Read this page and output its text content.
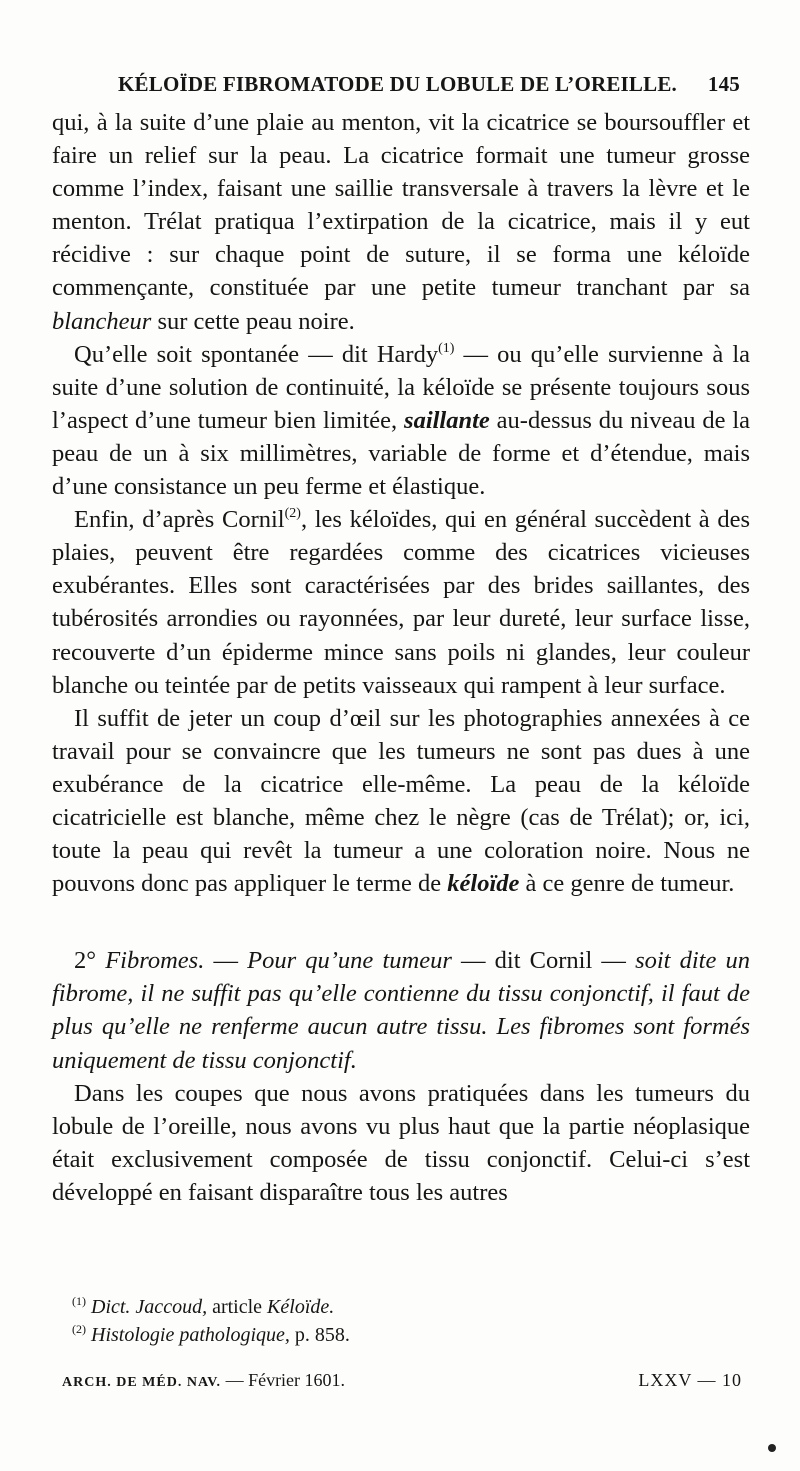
KÉLOÏDE FIBROMATODE DU LOBULE DE L’OREILLE. 145

qui, à la suite d’une plaie au menton, vit la cicatrice se boursouffler et faire un relief sur la peau. La cicatrice formait une tumeur grosse comme l’index, faisant une saillie transversale à travers la lèvre et le menton. Trélat pratiqua l’extirpation de la cicatrice, mais il y eut récidive : sur chaque point de suture, il se forma une kéloïde commençante, constituée par une petite tumeur tranchant par sa blancheur sur cette peau noire.

Qu’elle soit spontanée — dit Hardy$^{(1)}$ — ou qu’elle survienne à la suite d’une solution de continuité, la kéloïde se présente toujours sous l’aspect d’une tumeur bien limitée, saillante au-dessus du niveau de la peau de un à six millimètres, variable de forme et d’étendue, mais d’une consistance un peu ferme et élastique.

Enfin, d’après Cornil$^{(2)}$, les kéloïdes, qui en général succèdent à des plaies, peuvent être regardées comme des cicatrices vicieuses exubérantes. Elles sont caractérisées par des brides saillantes, des tubérosités arrondies ou rayonnées, par leur dureté, leur surface lisse, recouverte d’un épiderme mince sans poils ni glandes, leur couleur blanche ou teintée par de petits vaisseaux qui rampent à leur surface.

Il suffit de jeter un coup d’œil sur les photographies annexées à ce travail pour se convaincre que les tumeurs ne sont pas dues à une exubérance de la cicatrice elle-même. La peau de la kéloïde cicatricielle est blanche, même chez le nègre (cas de Trélat); or, ici, toute la peau qui revêt la tumeur a une coloration noire. Nous ne pouvons donc pas appliquer le terme de kéloïde à ce genre de tumeur.

2° Fibromes. — Pour qu’une tumeur — dit Cornil — soit dite un fibrome, il ne suffit pas qu’elle contienne du tissu conjonctif, il faut de plus qu’elle ne renferme aucun autre tissu. Les fibromes sont formés uniquement de tissu conjonctif.

Dans les coupes que nous avons pratiquées dans les tumeurs du lobule de l’oreille, nous avons vu plus haut que la partie néoplasique était exclusivement composée de tissu conjonctif. Celui-ci s’est développé en faisant disparaître tous les autres

$^{(1)}$ Dict. Jaccoud, article Kéloïde.

$^{(2)}$ Histologie pathologique, p. 858.

ARCH. DE MÉD. NAV. — Février 1601.	LXXV — 10
